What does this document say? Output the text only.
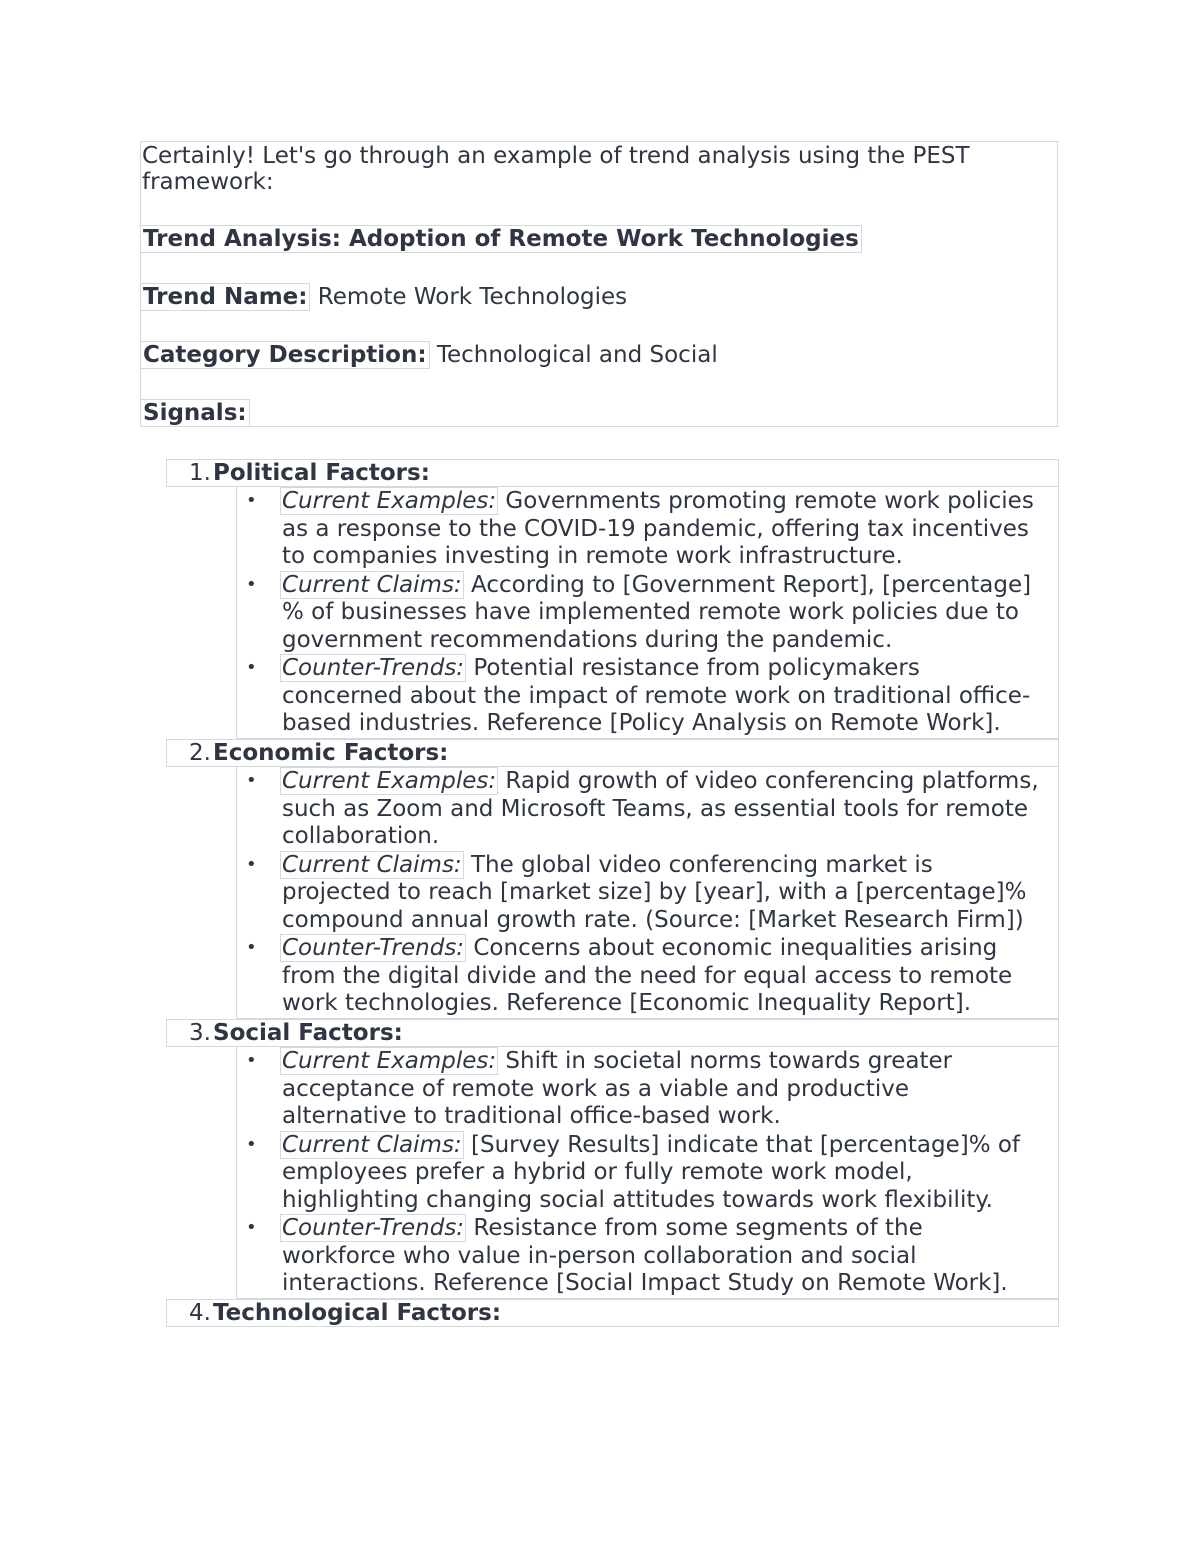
Certainly! Let's go through an example of trend analysis using the PEST
framework:
Trend Analysis: Adoption of Remote Work Technologies
Trend Name: Remote Work Technologies
Category Description: Technological and Social
Signals:
1.Political Factors:
• Current Examples: Governments promoting remote work policies
as a response to the COVID-19 pandemic, offering tax incentives
to companies investing in remote work infrastructure.
• Current Claims: According to [Government Report], [percentage]
% of businesses have implemented remote work policies due to
government recommendations during the pandemic.
• Counter-Trends: Potential resistance from policymakers
concerned about the impact of remote work on traditional office-
based industries. Reference [Policy Analysis on Remote Work].
2.Economic Factors:
• Current Examples: Rapid growth of video conferencing platforms,
such as Zoom and Microsoft Teams, as essential tools for remote
collaboration.
• Current Claims: The global video conferencing market is
projected to reach [market size] by [year], with a [percentage]%
compound annual growth rate. (Source: [Market Research Firm])
• Counter-Trends: Concerns about economic inequalities arising
from the digital divide and the need for equal access to remote
work technologies. Reference [Economic Inequality Report].
3.Social Factors:
• Current Examples: Shift in societal norms towards greater
acceptance of remote work as a viable and productive
alternative to traditional office-based work.
• Current Claims: [Survey Results] indicate that [percentage]% of
employees prefer a hybrid or fully remote work model,
highlighting changing social attitudes towards work flexibility.
• Counter-Trends: Resistance from some segments of the
workforce who value in-person collaboration and social
interactions. Reference [Social Impact Study on Remote Work].
4.Technological Factors:
